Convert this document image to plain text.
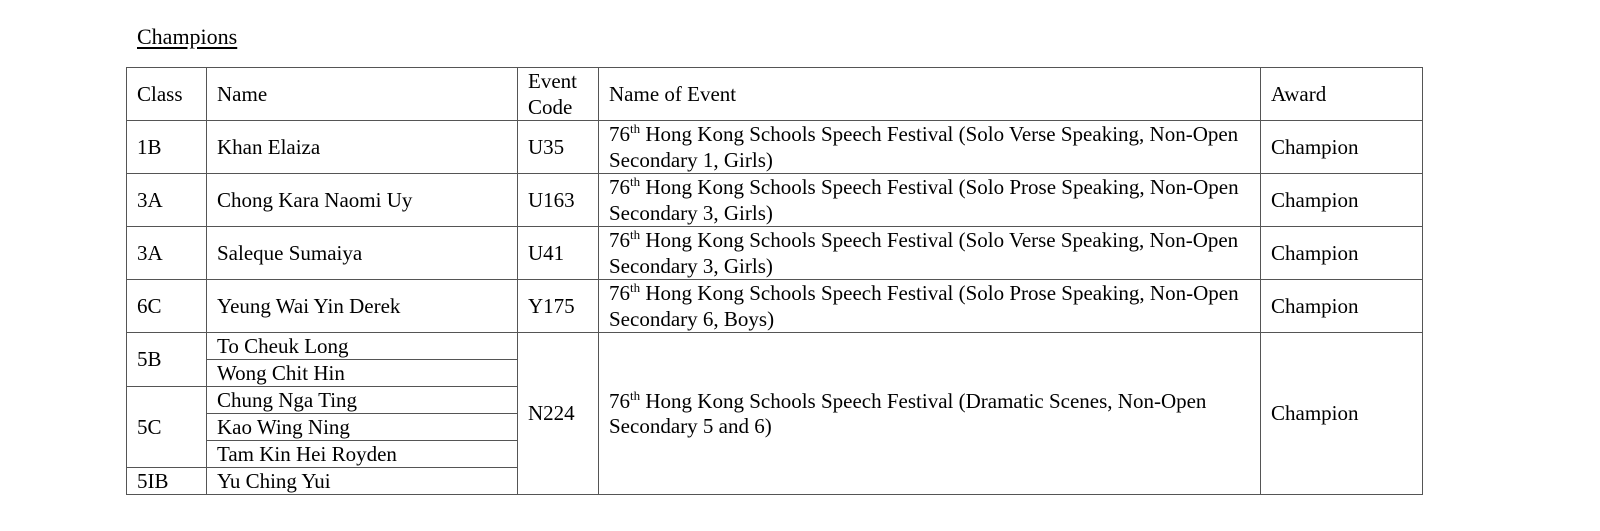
Champions
Class	Name	Event Code	Name of Event	Award
1B	Khan Elaiza	U35	76th Hong Kong Schools Speech Festival (Solo Verse Speaking, Non-Open Secondary 1, Girls)	Champion
3A	Chong Kara Naomi Uy	U163	76th Hong Kong Schools Speech Festival (Solo Prose Speaking, Non-Open Secondary 3, Girls)	Champion
3A	Saleque Sumaiya	U41	76th Hong Kong Schools Speech Festival (Solo Verse Speaking, Non-Open Secondary 3, Girls)	Champion
6C	Yeung Wai Yin Derek	Y175	76th Hong Kong Schools Speech Festival (Solo Prose Speaking, Non-Open Secondary 6, Boys)	Champion
5B	To Cheuk Long	N224	76th Hong Kong Schools Speech Festival (Dramatic Scenes, Non-Open Secondary 5 and 6)	Champion
	Wong Chit Hin			
5C	Chung Nga Ting			
	Kao Wing Ning			
	Tam Kin Hei Royden			
5IB	Yu Ching Yui			
